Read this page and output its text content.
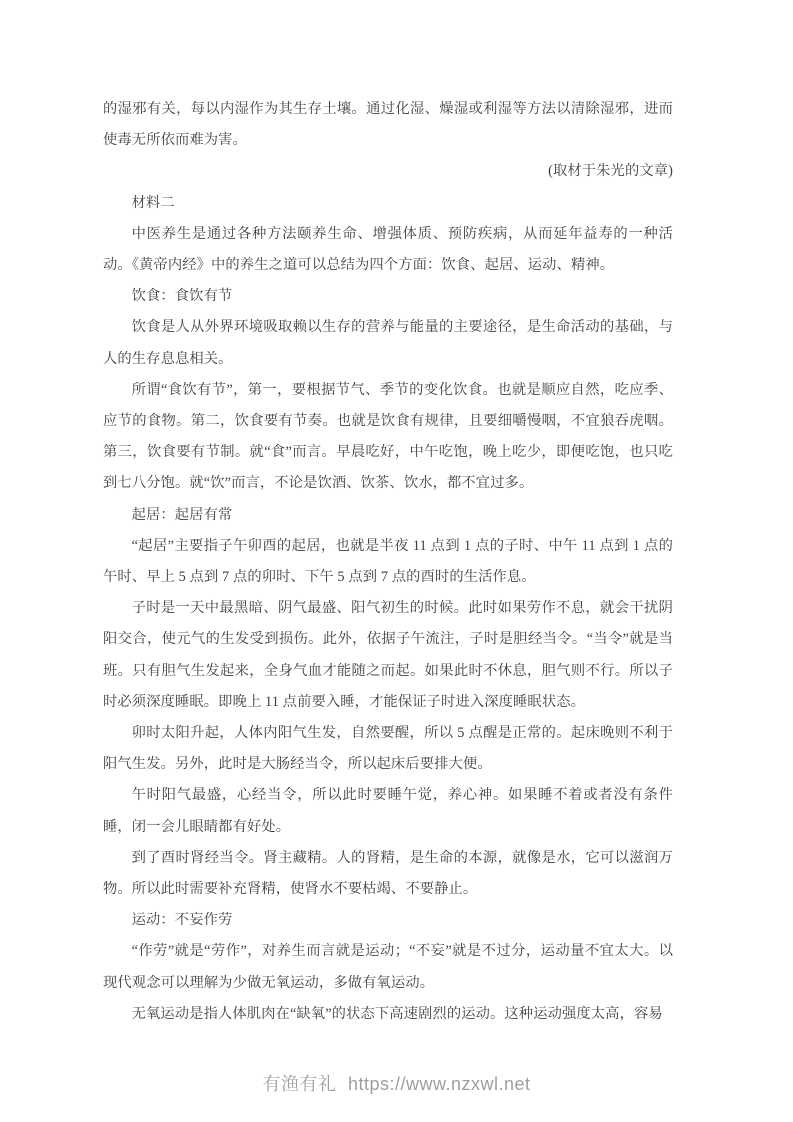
的湿邪有关，每以内湿作为其生存土壤。通过化湿、燥湿或利湿等方法以清除湿邪，进而使毒无所依而难为害。

(取材于朱光的文章)

材料二

中医养生是通过各种方法颐养生命、增强体质、预防疾病，从而延年益寿的一种活动。《黄帝内经》中的养生之道可以总结为四个方面：饮食、起居、运动、精神。

饮食：食饮有节

饮食是人从外界环境吸取赖以生存的营养与能量的主要途径，是生命活动的基础，与人的生存息息相关。

所谓“食饮有节”，第一，要根据节气、季节的变化饮食。也就是顺应自然，吃应季、应节的食物。第二，饮食要有节奏。也就是饮食有规律，且要细嚼慢咽，不宜狼吞虎咽。第三，饮食要有节制。就“食”而言。早晨吃好，中午吃饱，晚上吃少，即便吃饱，也只吃到七八分饱。就“饮”而言，不论是饮酒、饮茶、饮水，都不宜过多。

起居：起居有常

“起居”主要指子午卯酉的起居，也就是半夜 11 点到 1 点的子时、中午 11 点到 1 点的午时、早上 5 点到 7 点的卯时、下午 5 点到 7 点的酉时的生活作息。

子时是一天中最黑暗、阴气最盛、阳气初生的时候。此时如果劳作不息，就会干扰阴阳交合，使元气的生发受到损伤。此外，依据子午流注，子时是胆经当令。“当令”就是当班。只有胆气生发起来，全身气血才能随之而起。如果此时不休息，胆气则不行。所以子时必须深度睡眠。即晚上 11 点前要入睡，才能保证子时进入深度睡眠状态。

卯时太阳升起，人体内阳气生发，自然要醒，所以 5 点醒是正常的。起床晚则不利于阳气生发。另外，此时是大肠经当令，所以起床后要排大便。

午时阳气最盛，心经当令，所以此时要睡午觉，养心神。如果睡不着或者没有条件睡，闭一会儿眼睛都有好处。

到了酉时肾经当令。肾主藏精。人的肾精，是生命的本源，就像是水，它可以滋润万物。所以此时需要补充肾精，使肾水不要枯竭、不要静止。

运动：不妄作劳

“作劳”就是“劳作”，对养生而言就是运动；“不妄”就是不过分，运动量不宜太大。以现代观念可以理解为少做无氧运动，多做有氧运动。

无氧运动是指人体肌肉在“缺氧”的状态下高速剧烈的运动。这种运动强度太高，容易

有渔有礼 https://www.nzxwl.net
